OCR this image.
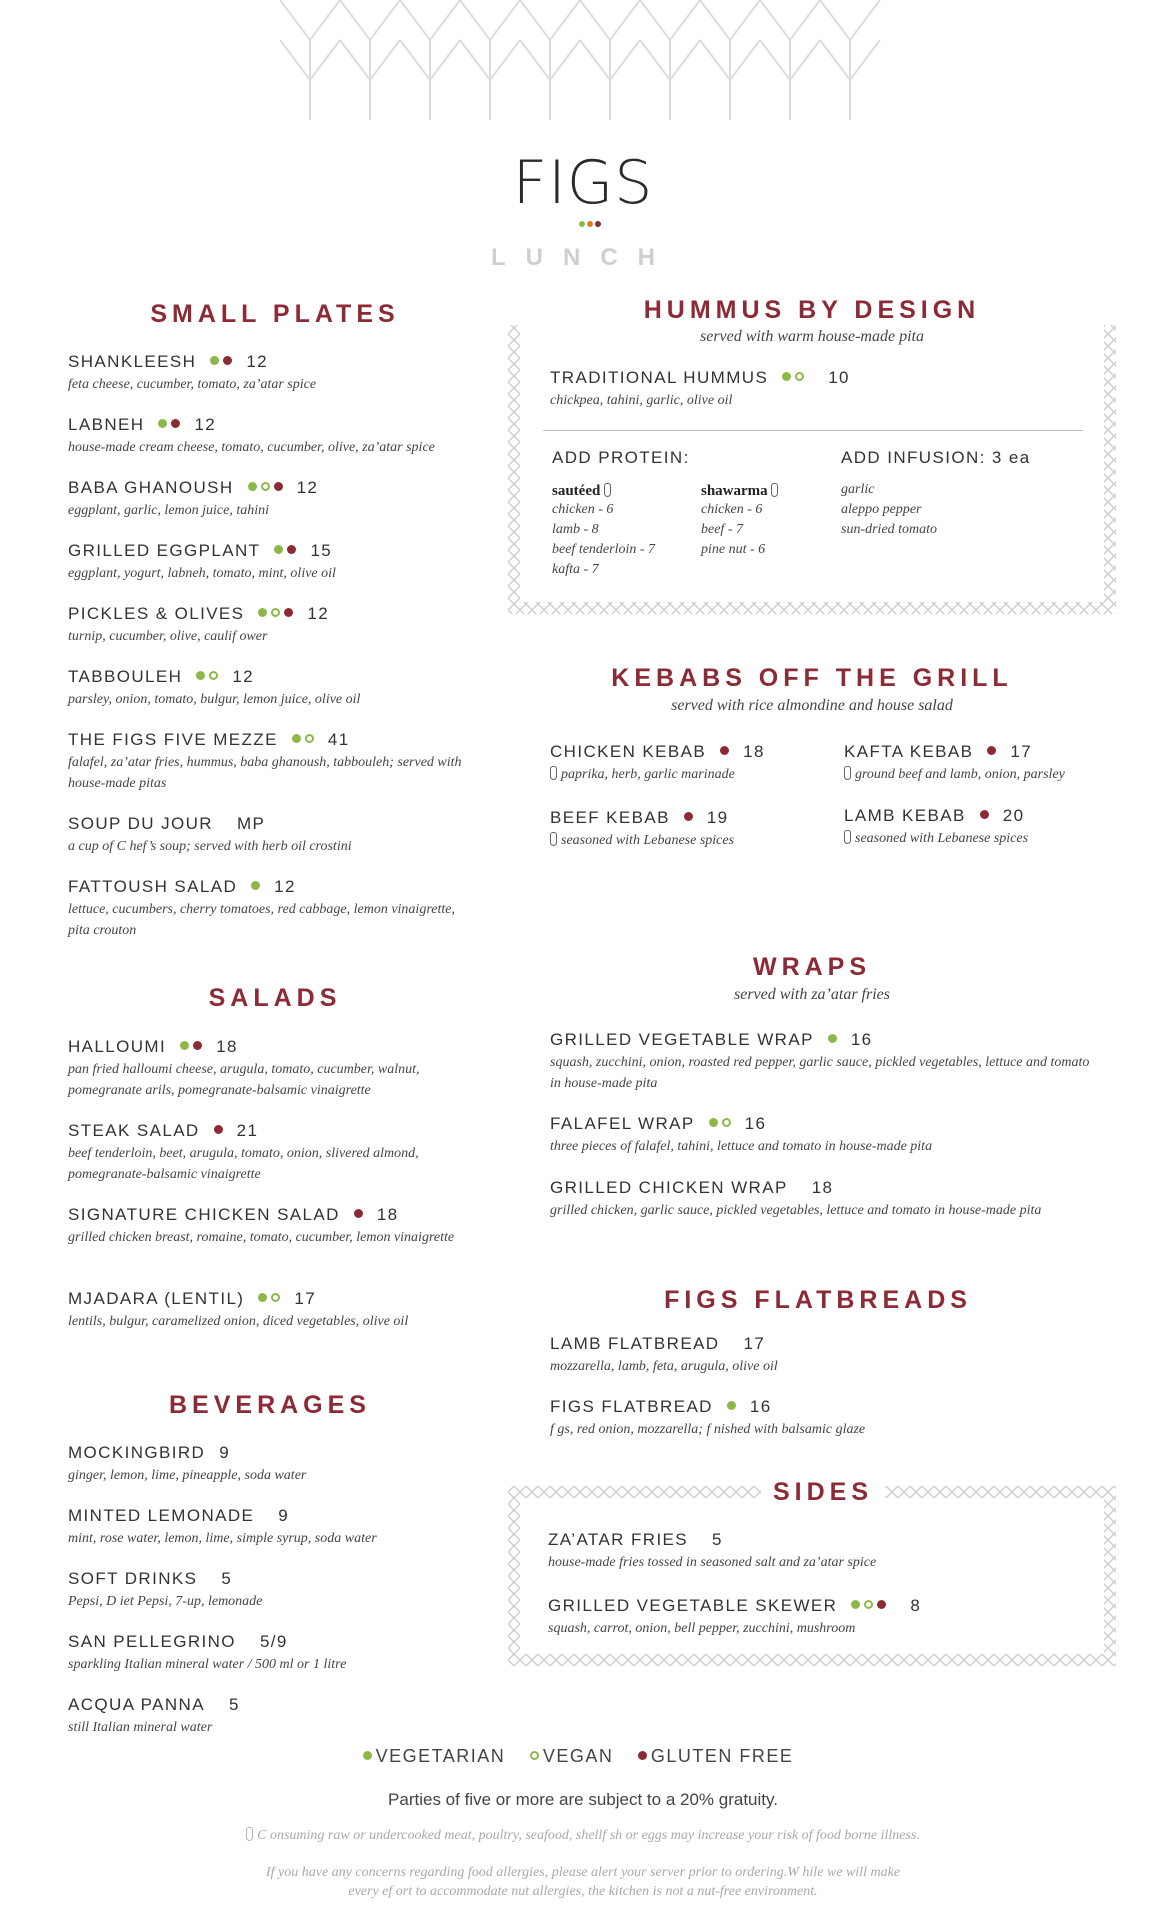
FIGS
LUNCH
SMALL PLATES
SHANKLEESH	12
feta cheese, cucumber, tomato, za’atar spice
LABNEH	12
house-made cream cheese, tomato, cucumber, olive, za’atar spice
BABA GHANOUSH	12
eggplant, garlic, lemon juice, tahini
GRILLED EGGPLANT	15
eggplant, yogurt, labneh, tomato, mint, olive oil
PICKLES & OLIVES	12
turnip, cucumber, olive, caulif ower
TABBOULEH	12
parsley, onion, tomato, bulgur, lemon juice, olive oil
THE FIGS FIVE MEZZE	41
falafel, za’atar fries, hummus, baba ghanoush, tabbouleh; served with house-made pitas
SOUP DU JOUR MP
a cup of C hef’s soup; served with herb oil crostini
FATTOUSH SALAD 12
lettuce, cucumbers, cherry tomatoes, red cabbage, lemon vinaigrette, pita crouton
SALADS
HALLOUMI	18
pan fried halloumi cheese, arugula, tomato, cucumber, walnut, pomegranate arils, pomegranate-balsamic vinaigrette
STEAK SALAD 21
beef tenderloin, beet, arugula, tomato, onion, slivered almond, pomegranate-balsamic vinaigrette
SIGNATURE CHICKEN SALAD 18
grilled chicken breast, romaine, tomato, cucumber, lemon vinaigrette
MJADARA (LENTIL)	17
lentils, bulgur, caramelized onion, diced vegetables, olive oil
BEVERAGES
MOCKINGBIRD 9
ginger, lemon, lime, pineapple, soda water
MINTED LEMONADE 9
mint, rose water, lemon, lime, simple syrup, soda water
SOFT DRINKS 5
Pepsi, D iet Pepsi, 7-up, lemonade
SAN PELLEGRINO 5/9
sparkling Italian mineral water / 500 ml or 1 litre
ACQUA PANNA 5
still Italian mineral water
HUMMUS BY DESIGN
served with warm house-made pita
TRADITIONAL HUMMUS	10
chickpea, tahini, garlic, olive oil
ADD PROTEIN:	ADD INFUSION: 3 ea
sautéed
chicken - 6
lamb - 8
beef tenderloin - 7
kafta - 7
shawarma
chicken - 6
beef - 7
pine nut - 6
garlic
aleppo pepper
sun-dried tomato
KEBABS OFF THE GRILL
served with rice almondine and house salad
CHICKEN KEBAB 18
paprika, herb, garlic marinade
KAFTA KEBAB 17
ground beef and lamb, onion, parsley
BEEF KEBAB 19
seasoned with Lebanese spices
LAMB KEBAB 20
seasoned with Lebanese spices
WRAPS
served with za’atar fries
GRILLED VEGETABLE WRAP 16
squash, zucchini, onion, roasted red pepper, garlic sauce, pickled vegetables, lettuce and tomato in house-made pita
FALAFEL WRAP	16
three pieces of falafel, tahini, lettuce and tomato in house-made pita
GRILLED CHICKEN WRAP 18
grilled chicken, garlic sauce, pickled vegetables, lettuce and tomato in house-made pita
FIGS FLATBREADS
LAMB FLATBREAD 17
mozzarella, lamb, feta, arugula, olive oil
FIGS FLATBREAD 16
f gs, red onion, mozzarella; f nished with balsamic glaze
SIDES
ZA’ATAR FRIES 5
house-made fries tossed in seasoned salt and za’atar spice
GRILLED VEGETABLE SKEWER	8
squash, carrot, onion, bell pepper, zucchini, mushroom
VEGETARIAN VEGAN GLUTEN FREE
Parties of five or more are subject to a 20% gratuity.
C onsuming raw or undercooked meat, poultry, seafood, shellf sh or eggs may increase your risk of food borne illness.
If you have any concerns regarding food allergies, please alert your server prior to ordering.W hile we will make every ef ort to accommodate nut allergies, the kitchen is not a nut-free environment.
